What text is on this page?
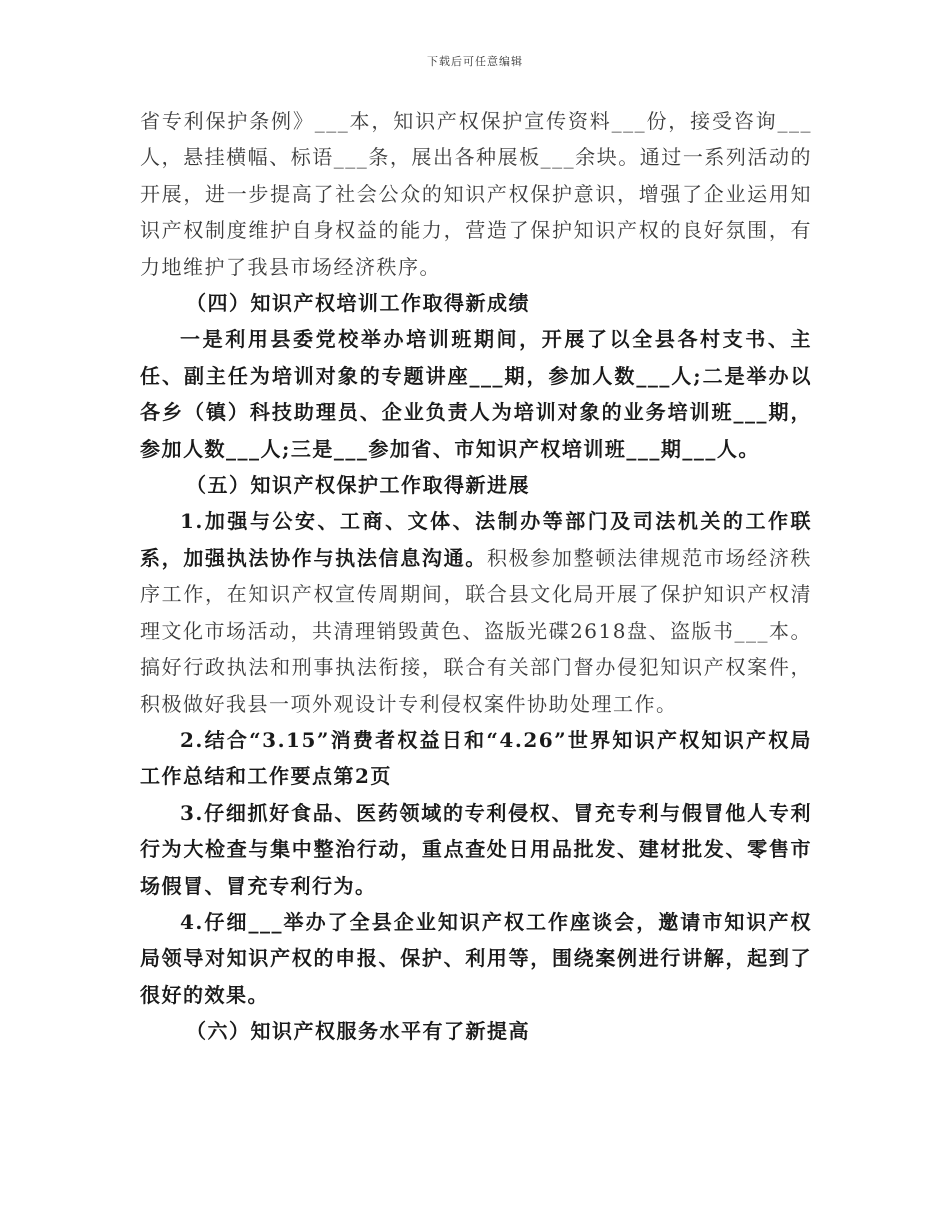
下载后可任意编辑

省专利保护条例》___本，知识产权保护宣传资料___份，接受咨询___人，悬挂横幅、标语___条，展出各种展板___余块。通过一系列活动的开展，进一步提高了社会公众的知识产权保护意识，增强了企业运用知识产权制度维护自身权益的能力，营造了保护知识产权的良好氛围，有力地维护了我县市场经济秩序。

（四）知识产权培训工作取得新成绩

一是利用县委党校举办培训班期间，开展了以全县各村支书、主任、副主任为培训对象的专题讲座___期，参加人数___人;二是举办以各乡（镇）科技助理员、企业负责人为培训对象的业务培训班___期，参加人数___人;三是___参加省、市知识产权培训班___期___人。

（五）知识产权保护工作取得新进展

1.加强与公安、工商、文体、法制办等部门及司法机关的工作联系，加强执法协作与执法信息沟通。积极参加整顿法律规范市场经济秩序工作，在知识产权宣传周期间，联合县文化局开展了保护知识产权清理文化市场活动，共清理销毁黄色、盗版光碟2618盘、盗版书___本。搞好行政执法和刑事执法衔接，联合有关部门督办侵犯知识产权案件，积极做好我县一项外观设计专利侵权案件协助处理工作。

2.结合“3.15”消费者权益日和“4.26”世界知识产权知识产权局工作总结和工作要点第2页

3.仔细抓好食品、医药领域的专利侵权、冒充专利与假冒他人专利行为大检查与集中整治行动，重点查处日用品批发、建材批发、零售市场假冒、冒充专利行为。

4.仔细___举办了全县企业知识产权工作座谈会，邀请市知识产权局领导对知识产权的申报、保护、利用等，围绕案例进行讲解，起到了很好的效果。

（六）知识产权服务水平有了新提高
